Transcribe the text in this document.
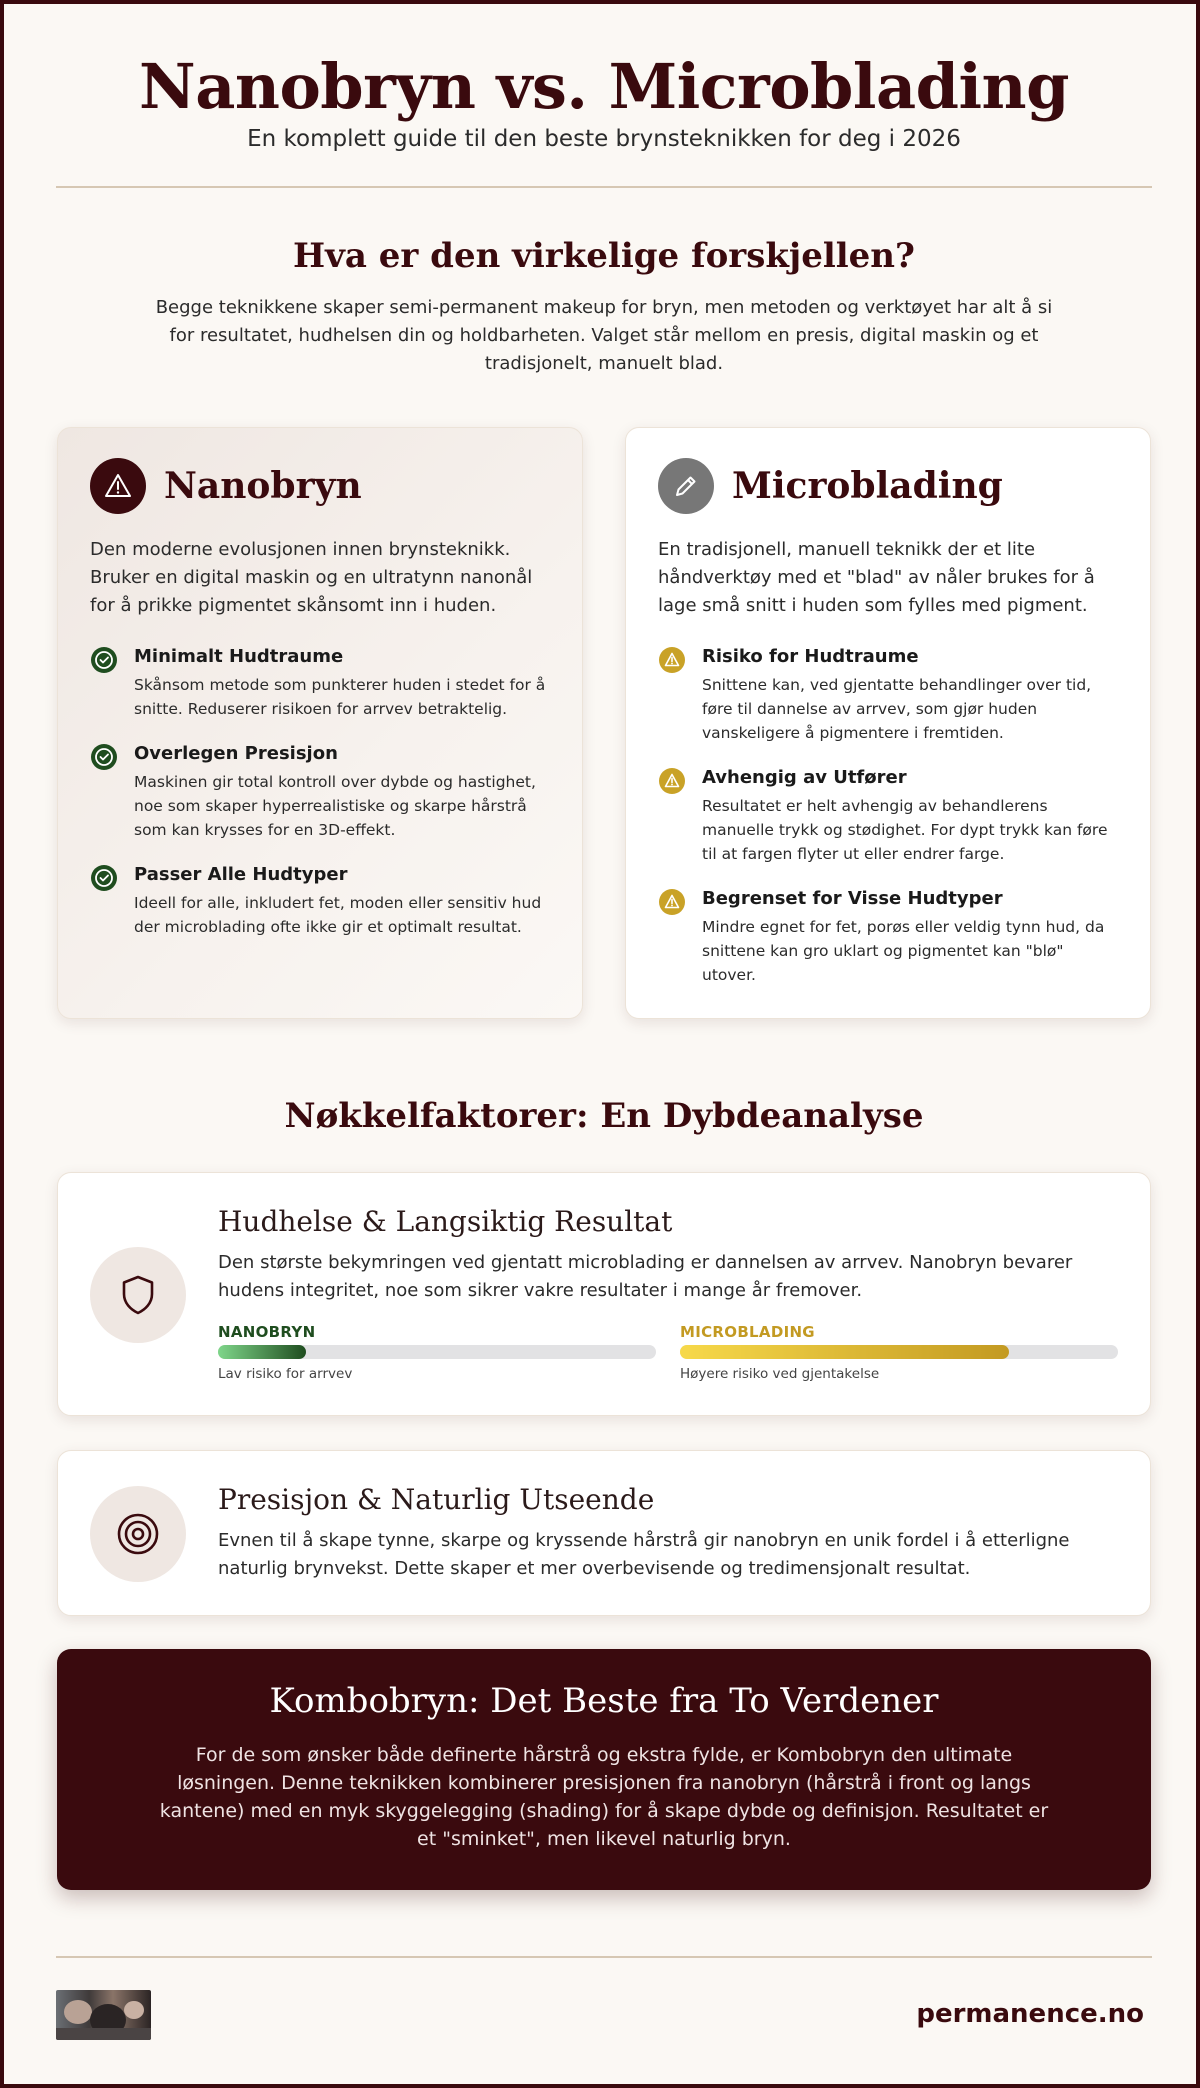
Nanobryn vs. Microblading
En komplett guide til den beste brynsteknikken for deg i 2026
Hva er den virkelige forskjellen?

Begge teknikkene skaper semi-permanent makeup for bryn, men metoden og verktøyet har alt å si for resultatet, hudhelsen din og holdbarheten. Valget står mellom en presis, digital maskin og et tradisjonelt, manuelt blad.

Nanobryn

Den moderne evolusjonen innen brynsteknikk. Bruker en digital maskin og en ultratynn nanonål for å prikke pigmentet skånsomt inn i huden.

Minimalt Hudtraume
Skånsom metode som punkterer huden i stedet for å snitte. Reduserer risikoen for arrvev betraktelig.
Overlegen Presisjon
Maskinen gir total kontroll over dybde og hastighet, noe som skaper hyperrealistiske og skarpe hårstrå som kan krysses for en 3D-effekt.
Passer Alle Hudtyper
Ideell for alle, inkludert fet, moden eller sensitiv hud der microblading ofte ikke gir et optimalt resultat.
Microblading

En tradisjonell, manuell teknikk der et lite håndverktøy med et "blad" av nåler brukes for å lage små snitt i huden som fylles med pigment.

Risiko for Hudtraume
Snittene kan, ved gjentatte behandlinger over tid, føre til dannelse av arrvev, som gjør huden vanskeligere å pigmentere i fremtiden.
Avhengig av Utfører
Resultatet er helt avhengig av behandlerens manuelle trykk og stødighet. For dypt trykk kan føre til at fargen flyter ut eller endrer farge.
Begrenset for Visse Hudtyper
Mindre egnet for fet, porøs eller veldig tynn hud, da snittene kan gro uklart og pigmentet kan "blø" utover.
Nøkkelfaktorer: En Dybdeanalyse
Hudhelse & Langsiktig Resultat

Den største bekymringen ved gjentatt microblading er dannelsen av arrvev. Nanobryn bevarer hudens integritet, noe som sikrer vakre resultater i mange år fremover.

NANOBRYN
Lav risiko for arrvev
MICROBLADING
Høyere risiko ved gjentakelse
Presisjon & Naturlig Utseende

Evnen til å skape tynne, skarpe og kryssende hårstrå gir nanobryn en unik fordel i å etterligne naturlig brynvekst. Dette skaper et mer overbevisende og tredimensjonalt resultat.

Kombobryn: Det Beste fra To Verdener

For de som ønsker både definerte hårstrå og ekstra fylde, er Kombobryn den ultimate løsningen. Denne teknikken kombinerer presisjonen fra nanobryn (hårstrå i front og langs kantene) med en myk skyggelegging (shading) for å skape dybde og definisjon. Resultatet er et "sminket", men likevel naturlig bryn.

permanence.no
